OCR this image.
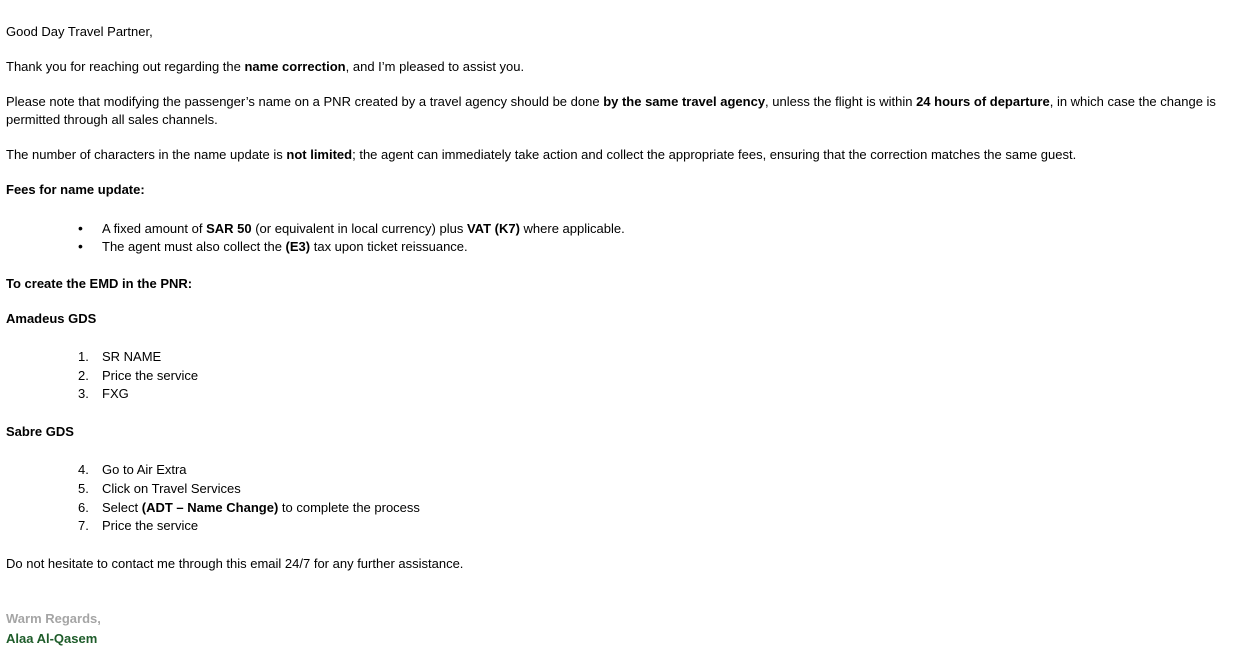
Good Day Travel Partner,
Thank you for reaching out regarding the name correction, and I’m pleased to assist you.
Please note that modifying the passenger’s name on a PNR created by a travel agency should be done by the same travel agency, unless the flight is within 24 hours of departure, in which case the change is permitted through all sales channels.
The number of characters in the name update is not limited; the agent can immediately take action and collect the appropriate fees, ensuring that the correction matches the same guest.
Fees for name update:
• A fixed amount of SAR 50 (or equivalent in local currency) plus VAT (K7) where applicable.
• The agent must also collect the (E3) tax upon ticket reissuance.
To create the EMD in the PNR:
Amadeus GDS
1. SR NAME
2. Price the service
3. FXG
Sabre GDS
4. Go to Air Extra
5. Click on Travel Services
6. Select (ADT – Name Change) to complete the process
7. Price the service
Do not hesitate to contact me through this email 24/7 for any further assistance.
Warm Regards,
Alaa Al-Qasem
